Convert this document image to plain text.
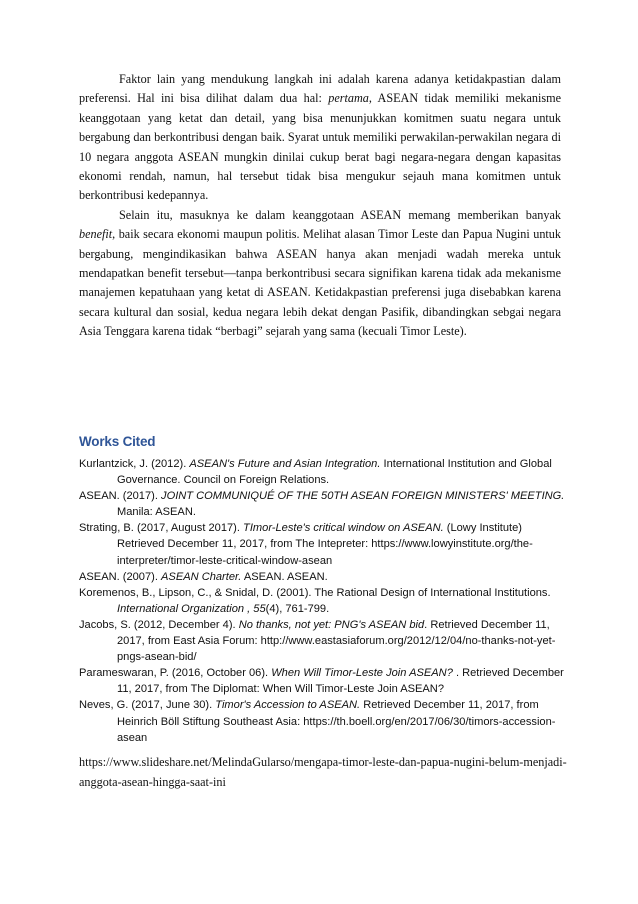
Faktor lain yang mendukung langkah ini adalah karena adanya ketidakpastian dalam preferensi. Hal ini bisa dilihat dalam dua hal: pertama, ASEAN tidak memiliki mekanisme keanggotaan yang ketat dan detail, yang bisa menunjukkan komitmen suatu negara untuk bergabung dan berkontribusi dengan baik. Syarat untuk memiliki perwakilan-perwakilan negara di 10 negara anggota ASEAN mungkin dinilai cukup berat bagi negara-negara dengan kapasitas ekonomi rendah, namun, hal tersebut tidak bisa mengukur sejauh mana komitmen untuk berkontribusi kedepannya.

Selain itu, masuknya ke dalam keanggotaan ASEAN memang memberikan banyak benefit, baik secara ekonomi maupun politis. Melihat alasan Timor Leste dan Papua Nugini untuk bergabung, mengindikasikan bahwa ASEAN hanya akan menjadi wadah mereka untuk mendapatkan benefit tersebut—tanpa berkontribusi secara signifikan karena tidak ada mekanisme manajemen kepatuhaan yang ketat di ASEAN. Ketidakpastian preferensi juga disebabkan karena secara kultural dan sosial, kedua negara lebih dekat dengan Pasifik, dibandingkan sebgai negara Asia Tenggara karena tidak “berbagi” sejarah yang sama (kecuali Timor Leste).

Works Cited

Kurlantzick, J. (2012). ASEAN's Future and Asian Integration. International Institution and Global Governance. Council on Foreign Relations.

ASEAN. (2017). JOINT COMMUNIQUÉ OF THE 50TH ASEAN FOREIGN MINISTERS' MEETING. Manila: ASEAN.

Strating, B. (2017, August 2017). TImor-Leste's critical window on ASEAN. (Lowy Institute) Retrieved December 11, 2017, from The Intepreter: https://www.lowyinstitute.org/the-interpreter/timor-leste-critical-window-asean

ASEAN. (2007). ASEAN Charter. ASEAN. ASEAN.

Koremenos, B., Lipson, C., & Snidal, D. (2001). The Rational Design of International Institutions. International Organization , 55(4), 761-799.

Jacobs, S. (2012, December 4). No thanks, not yet: PNG's ASEAN bid. Retrieved December 11, 2017, from East Asia Forum: http://www.eastasiaforum.org/2012/12/04/no-thanks-not-yet-pngs-asean-bid/

Parameswaran, P. (2016, October 06). When Will Timor-Leste Join ASEAN? . Retrieved December 11, 2017, from The Diplomat: When Will Timor-Leste Join ASEAN?

Neves, G. (2017, June 30). Timor's Accession to ASEAN. Retrieved December 11, 2017, from Heinrich Böll Stiftung Southeast Asia: https://th.boell.org/en/2017/06/30/timors-accession-asean

https://www.slideshare.net/MelindaGularso/mengapa-timor-leste-dan-papua-nugini-belum-menjadi-anggota-asean-hingga-saat-ini
